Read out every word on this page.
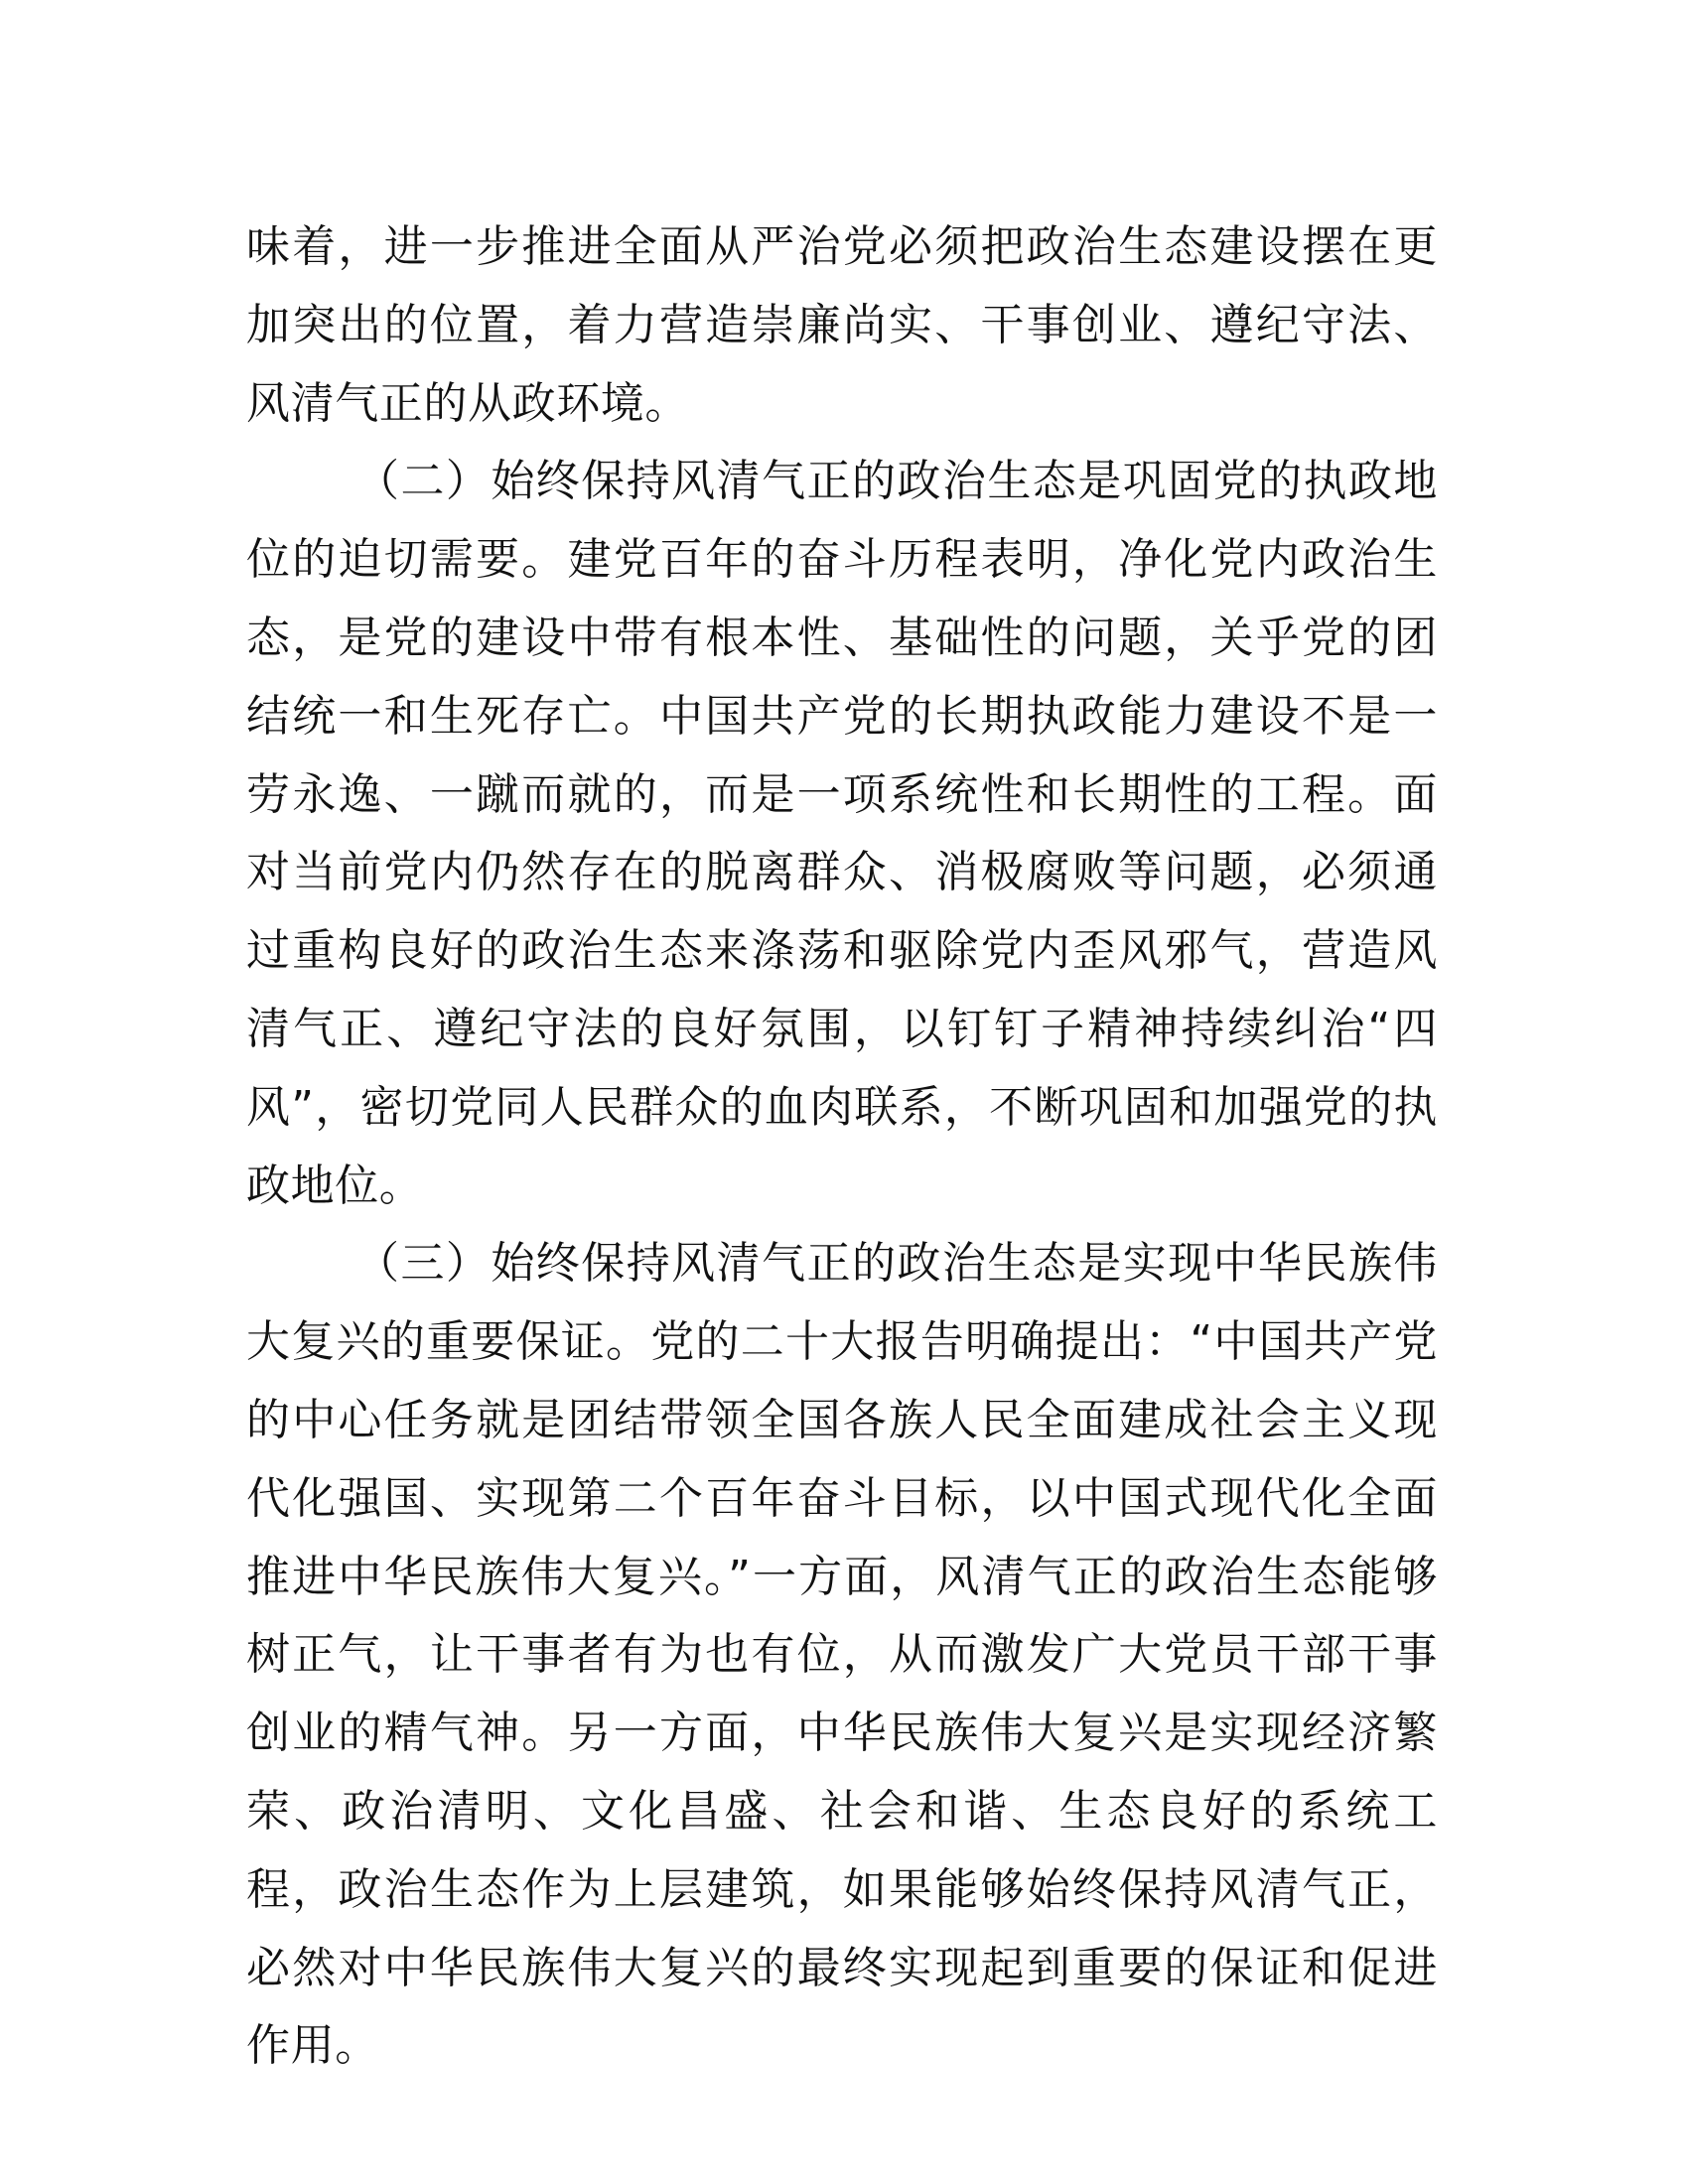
味着，进一步推进全面从严治党必须把政治生态建设摆在更加突出的位置，着力营造崇廉尚实、干事创业、遵纪守法、风清气正的从政环境。

（二）始终保持风清气正的政治生态是巩固党的执政地位的迫切需要。建党百年的奋斗历程表明，净化党内政治生态，是党的建设中带有根本性、基础性的问题，关乎党的团结统一和生死存亡。中国共产党的长期执政能力建设不是一劳永逸、一蹴而就的，而是一项系统性和长期性的工程。面对当前党内仍然存在的脱离群众、消极腐败等问题，必须通过重构良好的政治生态来涤荡和驱除党内歪风邪气，营造风清气正、遵纪守法的良好氛围，以钉钉子精神持续纠治“四风”，密切党同人民群众的血肉联系，不断巩固和加强党的执政地位。

（三）始终保持风清气正的政治生态是实现中华民族伟大复兴的重要保证。党的二十大报告明确提出：“中国共产党的中心任务就是团结带领全国各族人民全面建成社会主义现代化强国、实现第二个百年奋斗目标，以中国式现代化全面推进中华民族伟大复兴。”一方面，风清气正的政治生态能够树正气，让干事者有为也有位，从而激发广大党员干部干事创业的精气神。另一方面，中华民族伟大复兴是实现经济繁荣、政治清明、文化昌盛、社会和谐、生态良好的系统工程，政治生态作为上层建筑，如果能够始终保持风清气正，必然对中华民族伟大复兴的最终实现起到重要的保证和促进作用。
